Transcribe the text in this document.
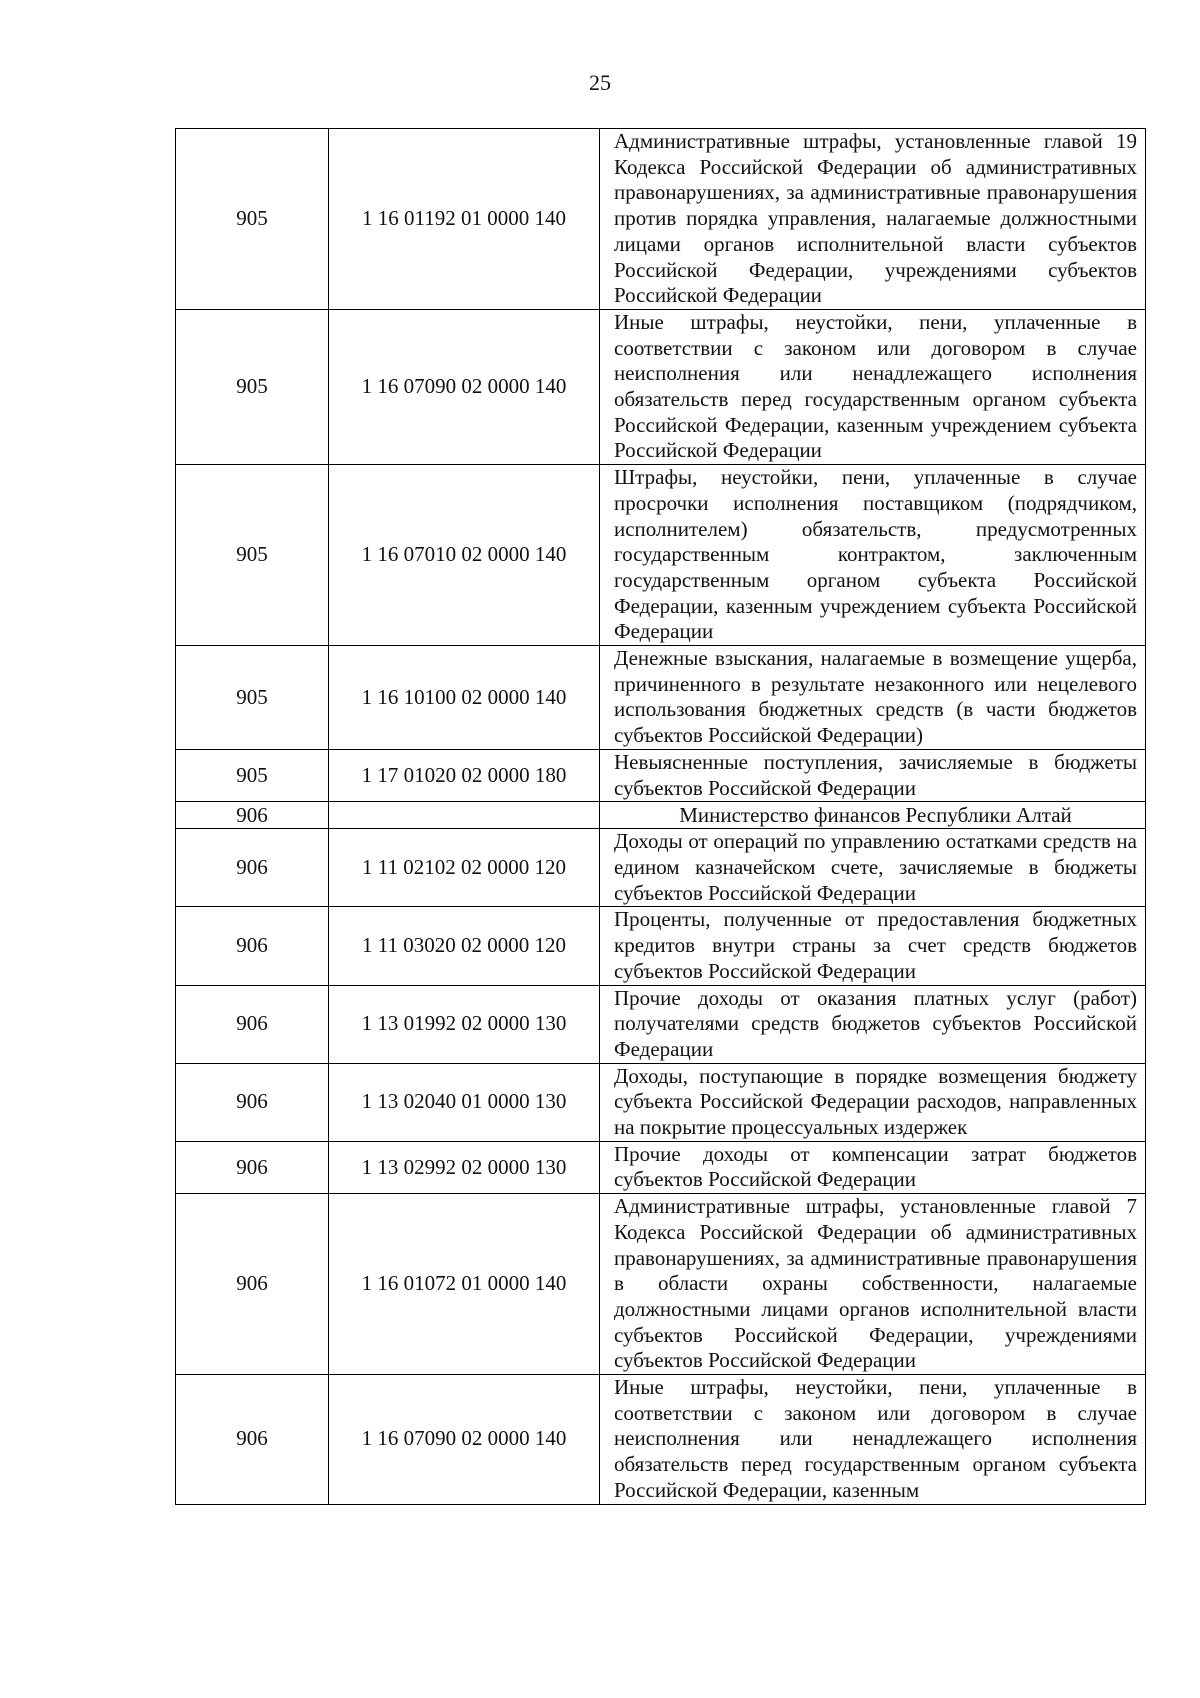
25
905	1 16 01192 01 0000 140	Административные штрафы, установленные главой 19 Кодекса Российской Федерации об административных правонарушениях, за административные правонарушения против порядка управления, налагаемые должностными лицами органов исполнительной власти субъектов Российской Федерации, учреждениями субъектов Российской Федерации
905	1 16 07090 02 0000 140	Иные штрафы, неустойки, пени, уплаченные в соответствии с законом или договором в случае неисполнения или ненадлежащего исполнения обязательств перед государственным органом субъекта Российской Федерации, казенным учреждением субъекта Российской Федерации
905	1 16 07010 02 0000 140	Штрафы, неустойки, пени, уплаченные в случае просрочки исполнения поставщиком (подрядчиком, исполнителем) обязательств, предусмотренных государственным контрактом, заключенным государственным органом субъекта Российской Федерации, казенным учреждением субъекта Российской Федерации
905	1 16 10100 02 0000 140	Денежные взыскания, налагаемые в возмещение ущерба, причиненного в результате незаконного или нецелевого использования бюджетных средств (в части бюджетов субъектов Российской Федерации)
905	1 17 01020 02 0000 180	Невыясненные поступления, зачисляемые в бюджеты субъектов Российской Федерации
906		Министерство финансов Республики Алтай
906	1 11 02102 02 0000 120	Доходы от операций по управлению остатками средств на едином казначейском счете, зачисляемые в бюджеты субъектов Российской Федерации
906	1 11 03020 02 0000 120	Проценты, полученные от предоставления бюджетных кредитов внутри страны за счет средств бюджетов субъектов Российской Федерации
906	1 13 01992 02 0000 130	Прочие доходы от оказания платных услуг (работ) получателями средств бюджетов субъектов Российской Федерации
906	1 13 02040 01 0000 130	Доходы, поступающие в порядке возмещения бюджету субъекта Российской Федерации расходов, направленных на покрытие процессуальных издержек
906	1 13 02992 02 0000 130	Прочие доходы от компенсации затрат бюджетов субъектов Российской Федерации
906	1 16 01072 01 0000 140	Административные штрафы, установленные главой 7 Кодекса Российской Федерации об административных правонарушениях, за административные правонарушения в области охраны собственности, налагаемые должностными лицами органов исполнительной власти субъектов Российской Федерации, учреждениями субъектов Российской Федерации
906	1 16 07090 02 0000 140	Иные штрафы, неустойки, пени, уплаченные в соответствии с законом или договором в случае неисполнения или ненадлежащего исполнения обязательств перед государственным органом субъекта Российской Федерации, казенным
